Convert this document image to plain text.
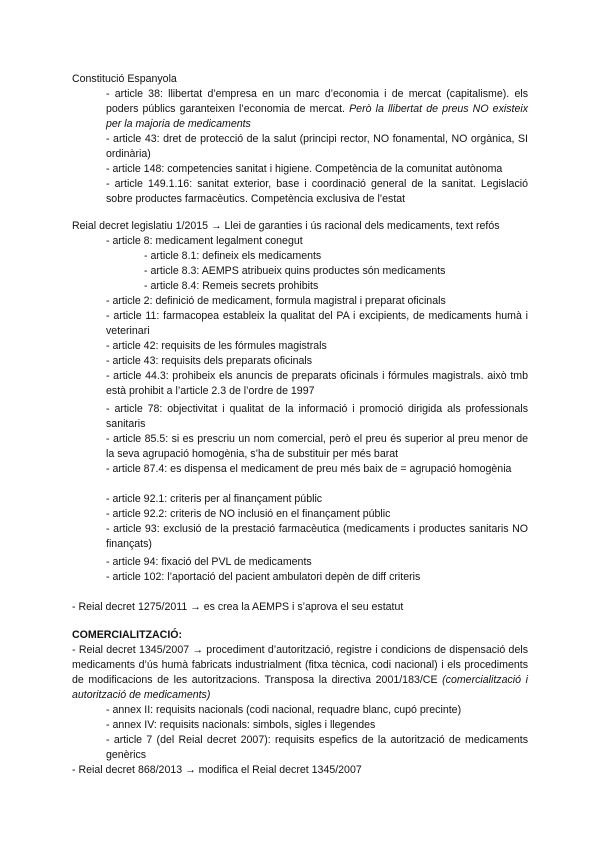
Constitució Espanyola

- article 38: llibertat d’empresa en un marc d’economia i de mercat (capitalisme). els poders públics garanteixen l’economia de mercat. Però la llibertat de preus NO existeix per la majoria de medicaments

- article 43: dret de protecció de la salut (principi rector, NO fonamental, NO orgànica, SI ordinària)

- article 148: competencies sanitat i higiene. Competència de la comunitat autònoma

- article 149.1.16: sanitat exterior, base i coordinació general de la sanitat. Legislació sobre productes farmacèutics. Competència exclusiva de l’estat

Reial decret legislatiu 1/2015 → Llei de garanties i ús racional dels medicaments, text refós

- article 8: medicament legalment conegut

- article 8.1: defineix els medicaments

- article 8.3: AEMPS atribueix quins productes són medicaments

- article 8.4: Remeis secrets prohibits

- article 2: definició de medicament, formula magistral i preparat oficinals

- article 11: farmacopea estableix la qualitat del PA i excipients, de medicaments humà i veterinari

- article 42: requisits de les fórmules magistrals

- article 43: requisits dels preparats oficinals

- article 44.3: prohibeix els anuncis de preparats oficinals i fórmules magistrals. això tmb està prohibit a l’article 2.3 de l’ordre de 1997

- article 78: objectivitat i qualitat de la informació i promoció dirigida als professionals sanitaris

- article 85.5: si es prescriu un nom comercial, però el preu és superior al preu menor de la seva agrupació homogènia, s’ha de substituir per més barat

- article 87.4: es dispensa el medicament de preu més baix de = agrupació homogènia

- article 92.1: criteris per al finançament públic

- article 92.2: criteris de NO inclusió en el finançament públic

- article 93: exclusió de la prestació farmacèutica (medicaments i productes sanitaris NO finançats)

- article 94: fixació del PVL de medicaments

- article 102: l’aportació del pacient ambulatori depèn de diff criteris

- Reial decret 1275/2011 → es crea la AEMPS i s’aprova el seu estatut

COMERCIALITZACIÓ:

- Reial decret 1345/2007 → procediment d’autorització, registre i condicions de dispensació dels medicaments d’ús humà fabricats industrialment (fitxa tècnica, codi nacional) i els procediments de modificacions de les autoritzacions. Transposa la directiva 2001/183/CE (comercialització i autorització de medicaments)

- annex II: requisits nacionals (codi nacional, requadre blanc, cupó precinte)

- annex IV: requisits nacionals: simbols, sigles i llegendes

- article 7 (del Reial decret 2007): requisits espefics de la autorització de medicaments genèrics

- Reial decret 868/2013 → modifica el Reial decret 1345/2007
